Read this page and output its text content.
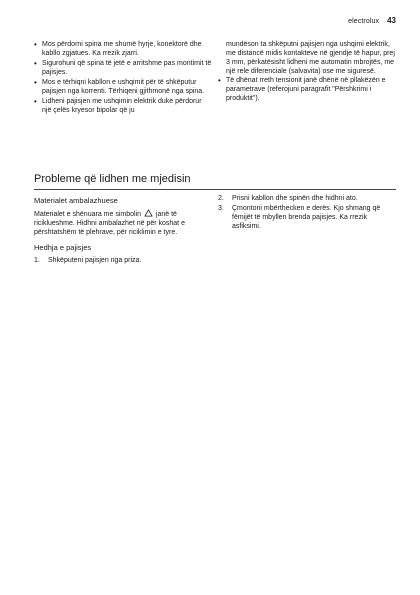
electrolux 43
• Mos përdorni spina me shumë hyrje, konektorë dhe kabllo zgjatues. Ka rrezik zjarri.
• Sigurohuni që spina të jetë e arritshme pas montimit të pajisjes.
• Mos e tërhiqni kabllon e ushqimit për të shkëputur pajisjen nga korrenti. Tërhiqeni gjithmonë nga spina.
• Lidheni pajisjen me ushqimin elektrik duke përdorur një çelës kryesor bipolar që ju

mundëson ta shkëputni pajisjen nga ushqimi elektrik, me distancë midis kontakteve në gjendje të hapur, prej 3 mm, përkatësisht lidheni me automatin mbrojtës, me një rele diferenciale (salvavita) ose me siguresë.

• Të dhënat rreth tensionit janë dhënë në pllakëzën e parametrave (referojuni paragrafit "Përshkrimi i produktit").
Probleme që lidhen me mjedisin
Materialet ambalazhuese

Materialet e shënuara me simbolin janë të riciklueshme. Hidhni ambalazhet në për koshat e përshtatshëm të plehrave, për riciklimin e tyre.

Hedhja e pajisjes
1. Shkëputeni pajisjen nga priza.
2. Prisni kabllon dhe spinën dhe hidhni ato.
3. Çmontoni mbërthecken e derës. Kjo shmang që fëmijët të mbyllen brenda pajisjes. Ka rrezik asfiksimi.
